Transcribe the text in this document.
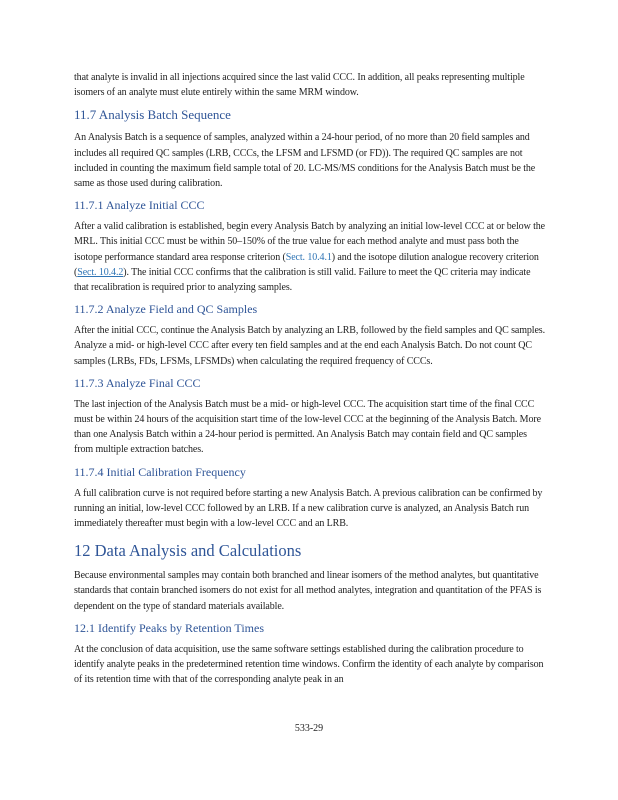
that analyte is invalid in all injections acquired since the last valid CCC. In addition, all peaks representing multiple isomers of an analyte must elute entirely within the same MRM window.

11.7 Analysis Batch Sequence

An Analysis Batch is a sequence of samples, analyzed within a 24-hour period, of no more than 20 field samples and includes all required QC samples (LRB, CCCs, the LFSM and LFSMD (or FD)). The required QC samples are not included in counting the maximum field sample total of 20. LC-MS/MS conditions for the Analysis Batch must be the same as those used during calibration.

11.7.1 Analyze Initial CCC

After a valid calibration is established, begin every Analysis Batch by analyzing an initial low-level CCC at or below the MRL. This initial CCC must be within 50–150% of the true value for each method analyte and must pass both the isotope performance standard area response criterion (Sect. 10.4.1) and the isotope dilution analogue recovery criterion (Sect. 10.4.2). The initial CCC confirms that the calibration is still valid. Failure to meet the QC criteria may indicate that recalibration is required prior to analyzing samples.

11.7.2 Analyze Field and QC Samples

After the initial CCC, continue the Analysis Batch by analyzing an LRB, followed by the field samples and QC samples. Analyze a mid- or high-level CCC after every ten field samples and at the end each Analysis Batch. Do not count QC samples (LRBs, FDs, LFSMs, LFSMDs) when calculating the required frequency of CCCs.

11.7.3 Analyze Final CCC

The last injection of the Analysis Batch must be a mid- or high-level CCC. The acquisition start time of the final CCC must be within 24 hours of the acquisition start time of the low-level CCC at the beginning of the Analysis Batch. More than one Analysis Batch within a 24-hour period is permitted. An Analysis Batch may contain field and QC samples from multiple extraction batches.

11.7.4 Initial Calibration Frequency

A full calibration curve is not required before starting a new Analysis Batch. A previous calibration can be confirmed by running an initial, low-level CCC followed by an LRB. If a new calibration curve is analyzed, an Analysis Batch run immediately thereafter must begin with a low-level CCC and an LRB.

12 Data Analysis and Calculations

Because environmental samples may contain both branched and linear isomers of the method analytes, but quantitative standards that contain branched isomers do not exist for all method analytes, integration and quantitation of the PFAS is dependent on the type of standard materials available.

12.1 Identify Peaks by Retention Times

At the conclusion of data acquisition, use the same software settings established during the calibration procedure to identify analyte peaks in the predetermined retention time windows. Confirm the identity of each analyte by comparison of its retention time with that of the corresponding analyte peak in an

533-29
